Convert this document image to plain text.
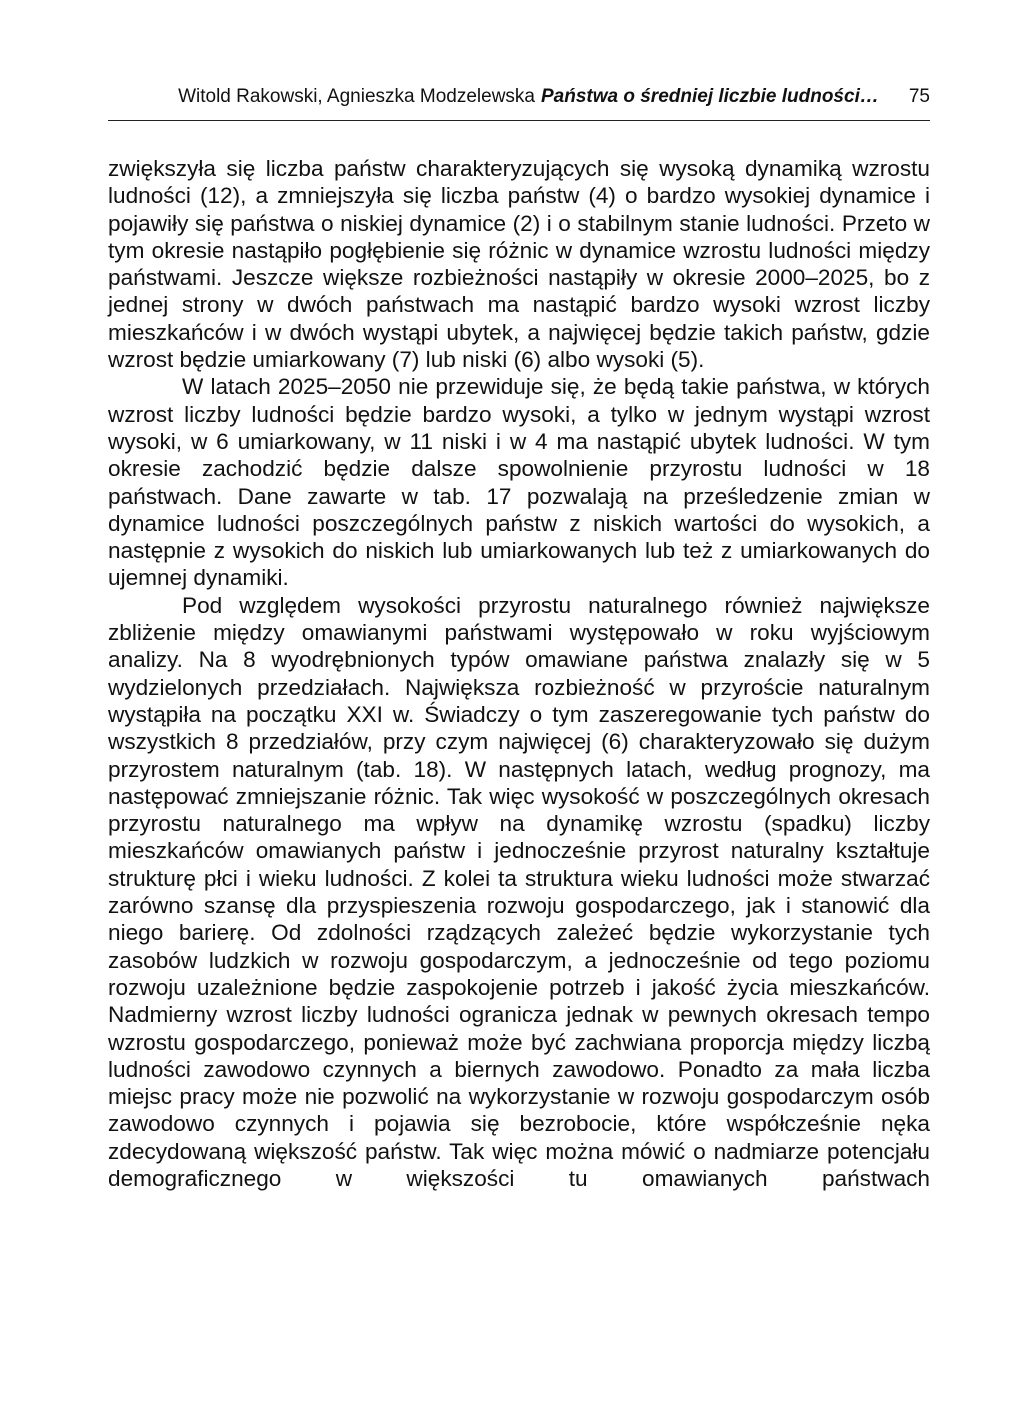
Witold Rakowski, Agnieszka Modzelewska Państwa o średniej liczbie ludności… 75

zwiększyła się liczba państw charakteryzujących się wysoką dynamiką wzrostu ludności (12), a zmniejszyła się liczba państw (4) o bardzo wysokiej dynamice i pojawiły się państwa o niskiej dynamice (2) i o stabilnym stanie ludności. Przeto w tym okresie nastąpiło pogłębienie się różnic w dynamice wzrostu ludności między państwami. Jeszcze większe rozbieżności nastąpiły w okresie 2000–2025, bo z jednej strony w dwóch państwach ma nastąpić bardzo wysoki wzrost liczby mieszkańców i w dwóch wystąpi ubytek, a najwięcej będzie takich państw, gdzie wzrost będzie umiarkowany (7) lub niski (6) albo wysoki (5).

W latach 2025–2050 nie przewiduje się, że będą takie państwa, w których wzrost liczby ludności będzie bardzo wysoki, a tylko w jednym wystąpi wzrost wysoki, w 6 umiarkowany, w 11 niski i w 4 ma nastąpić ubytek ludności. W tym okresie zachodzić będzie dalsze spowolnienie przyrostu ludności w 18 państwach. Dane zawarte w tab. 17 pozwalają na prześledzenie zmian w dynamice ludności poszczególnych państw z niskich wartości do wysokich, a następnie z wysokich do niskich lub umiarkowanych lub też z umiarkowanych do ujemnej dynamiki.

Pod względem wysokości przyrostu naturalnego również największe zbliżenie między omawianymi państwami występowało w roku wyjściowym analizy. Na 8 wyodrębnionych typów omawiane państwa znalazły się w 5 wydzielonych przedziałach. Największa rozbieżność w przyroście naturalnym wystąpiła na początku XXI w. Świadczy o tym zaszeregowanie tych państw do wszystkich 8 przedziałów, przy czym najwięcej (6) charakteryzowało się dużym przyrostem naturalnym (tab. 18). W następnych latach, według prognozy, ma następować zmniejszanie różnic. Tak więc wysokość w poszczególnych okresach przyrostu naturalnego ma wpływ na dynamikę wzrostu (spadku) liczby mieszkańców omawianych państw i jednocześnie przyrost naturalny kształtuje strukturę płci i wieku ludności. Z kolei ta struktura wieku ludności może stwarzać zarówno szansę dla przyspieszenia rozwoju gospodarczego, jak i stanowić dla niego barierę. Od zdolności rządzących zależeć będzie wykorzystanie tych zasobów ludzkich w rozwoju gospodarczym, a jednocześnie od tego poziomu rozwoju uzależnione będzie zaspokojenie potrzeb i jakość życia mieszkańców. Nadmierny wzrost liczby ludności ogranicza jednak w pewnych okresach tempo wzrostu gospodarczego, ponieważ może być zachwiana proporcja między liczbą ludności zawodowo czynnych a biernych zawodowo. Ponadto za mała liczba miejsc pracy może nie pozwolić na wykorzystanie w rozwoju gospodarczym osób zawodowo czynnych i pojawia się bezrobocie, które współcześnie nęka zdecydowaną większość państw. Tak więc można mówić o nadmiarze potencjału demograficznego w większości tu omawianych państwach
